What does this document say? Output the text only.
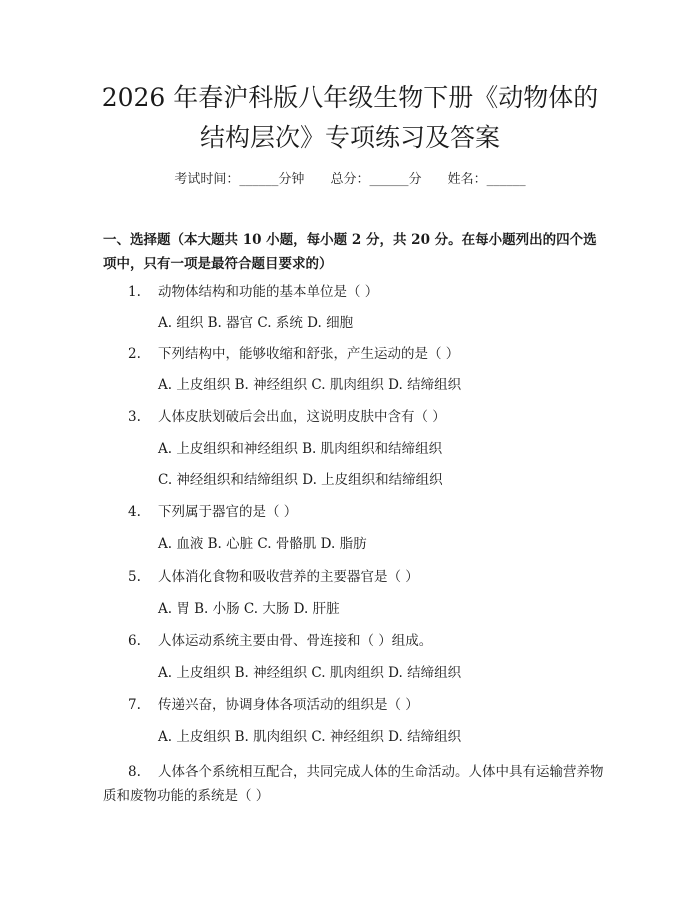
2026 年春沪科版八年级生物下册《动物体的
结构层次》专项练习及答案
考试时间：______分钟 总分：______分 姓名：______
一、选择题（本大题共 10 小题，每小题 2 分，共 20 分。在每小题列出的四个选
项中，只有一项是最符合题目要求的）
1. 动物体结构和功能的基本单位是（ ）
A. 组织 B. 器官 C. 系统 D. 细胞
2. 下列结构中，能够收缩和舒张，产生运动的是（ ）
A. 上皮组织 B. 神经组织 C. 肌肉组织 D. 结缔组织
3. 人体皮肤划破后会出血，这说明皮肤中含有（ ）
A. 上皮组织和神经组织 B. 肌肉组织和结缔组织
C. 神经组织和结缔组织 D. 上皮组织和结缔组织
4. 下列属于器官的是（ ）
A. 血液 B. 心脏 C. 骨骼肌 D. 脂肪
5. 人体消化食物和吸收营养的主要器官是（ ）
A. 胃 B. 小肠 C. 大肠 D. 肝脏
6. 人体运动系统主要由骨、骨连接和（ ）组成。
A. 上皮组织 B. 神经组织 C. 肌肉组织 D. 结缔组织
7. 传递兴奋，协调身体各项活动的组织是（ ）
A. 上皮组织 B. 肌肉组织 C. 神经组织 D. 结缔组织
8. 人体各个系统相互配合，共同完成人体的生命活动。人体中具有运输营养物质和废物功能的系统是（ ）
